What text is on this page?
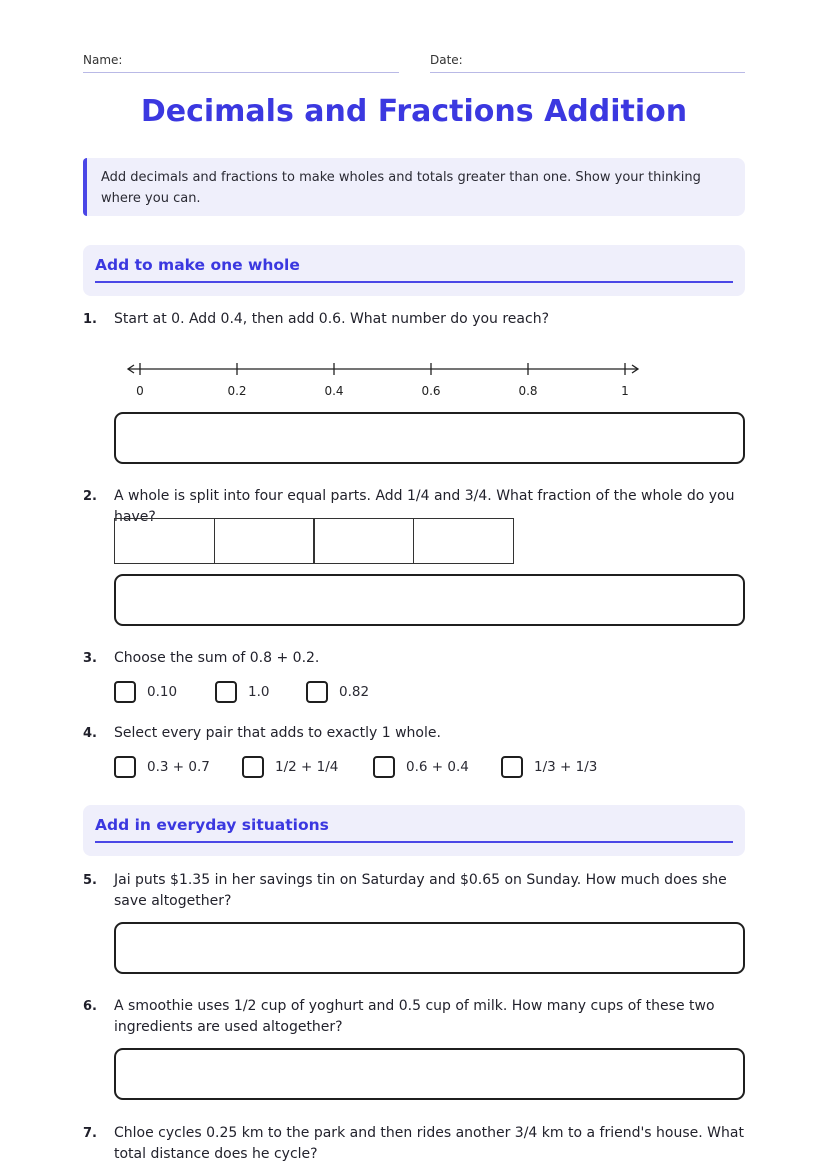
Name:	Date:
Decimals and Fractions Addition
Add decimals and fractions to make wholes and totals greater than one. Show your thinking where you can.
Add to make one whole
1. Start at 0. Add 0.4, then add 0.6. What number do you reach?
0	0.2	0.4	0.6	0.8	1
2. A whole is split into four equal parts. Add 1/4 and 3/4. What fraction of the whole do you have?
3. Choose the sum of 0.8 + 0.2.
0.10	1.0	0.82
4. Select every pair that adds to exactly 1 whole.
0.3 + 0.7	1/2 + 1/4	0.6 + 0.4	1/3 + 1/3
Add in everyday situations
5. Jai puts $1.35 in her savings tin on Saturday and $0.65 on Sunday. How much does she save altogether?
6. A smoothie uses 1/2 cup of yoghurt and 0.5 cup of milk. How many cups of these two ingredients are used altogether?
7. Chloe cycles 0.25 km to the park and then rides another 3/4 km to a friend's house. What total distance does he cycle?
